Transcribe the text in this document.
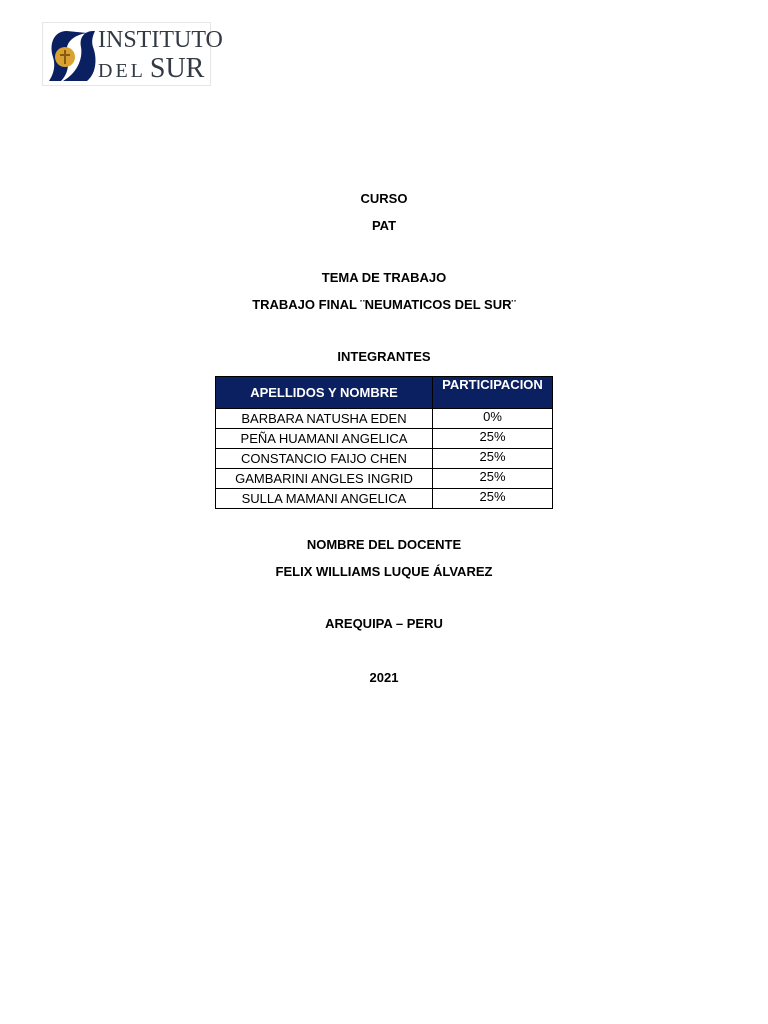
INSTITUTO
DEL SUR
CURSO
PAT
TEMA DE TRABAJO
TRABAJO FINAL ¨NEUMATICOS DEL SUR¨
INTEGRANTES
APELLIDOS Y NOMBRE	PARTICIPACION
BARBARA NATUSHA EDEN	0%
PEÑA HUAMANI ANGELICA	25%
CONSTANCIO FAIJO CHEN	25%
GAMBARINI ANGLES INGRID	25%
SULLA MAMANI ANGELICA	25%
NOMBRE DEL DOCENTE
FELIX WILLIAMS LUQUE ÁLVAREZ
AREQUIPA – PERU
2021
